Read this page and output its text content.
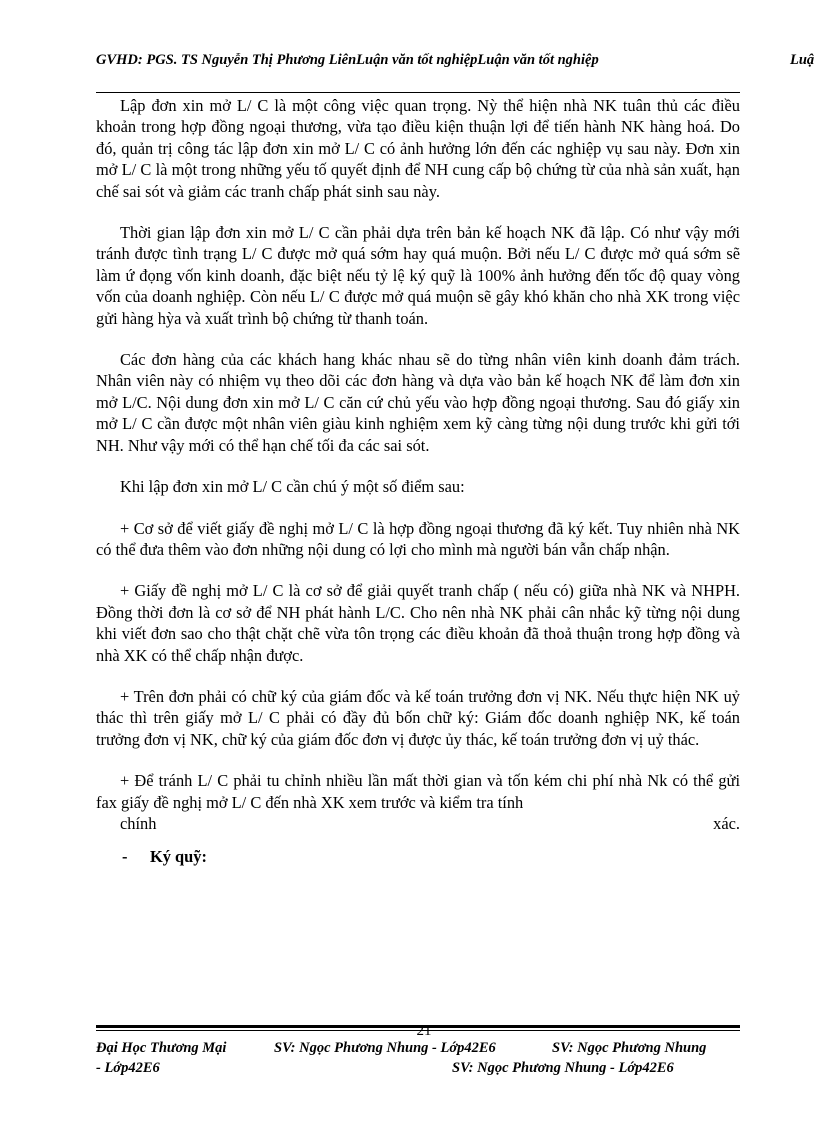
GVHD: PGS. TS Nguyễn Thị Phương LiênLuận văn tốt nghiệpLuận văn tốt nghiệp	Luậ

Lập đơn xin mở L/ C là một công việc quan trọng. Nỳ thể hiện nhà NK tuân thủ các điều khoản trong hợp đồng ngoại thương, vừa tạo điều kiện thuận lợi để tiến hành NK hàng hoá. Do đó, quản trị công tác lập đơn xin mở L/ C có ảnh hưởng lớn đến các nghiệp vụ sau này. Đơn xin mở L/ C là một trong những yếu tố quyết định để NH cung cấp bộ chứng từ của nhà sản xuất, hạn chế sai sót và giảm các tranh chấp phát sinh sau này.

Thời gian lập đơn xin mở L/ C cần phải dựa trên bản kế hoạch NK đã lập. Có như vậy mới tránh được tình trạng L/ C được mở quá sớm hay quá muộn. Bởi nếu L/ C được mở quá sớm sẽ làm ứ đọng vốn kinh doanh, đặc biệt nếu tỷ lệ ký quỹ là 100% ảnh hưởng đến tốc độ quay vòng vốn của doanh nghiệp. Còn nếu L/ C được mở quá muộn sẽ gây khó khăn cho nhà XK trong việc gửi hàng hỳa và xuất trình bộ chứng từ thanh toán.

Các đơn hàng của các khách hang khác nhau sẽ do từng nhân viên kinh doanh đảm trách. Nhân viên này có nhiệm vụ theo dõi các đơn hàng và dựa vào bản kế hoạch NK để làm đơn xin mở L/C. Nội dung đơn xin mở L/ C căn cứ chủ yếu vào hợp đồng ngoại thương. Sau đó giấy xin mở L/ C cần được một nhân viên giàu kinh nghiệm xem kỹ càng từng nội dung trước khi gửi tới NH. Như vậy mới có thể hạn chế tối đa các sai sót.

Khi lập đơn xin mở L/ C cần chú ý một số điểm sau:

+ Cơ sở để viết giấy đề nghị mở L/ C là hợp đồng ngoại thương đã ký kết. Tuy nhiên nhà NK có thể đưa thêm vào đơn những nội dung có lợi cho mình mà người bán vẫn chấp nhận.

+ Giấy đề nghị mở L/ C là cơ sở để giải quyết tranh chấp ( nếu có) giữa nhà NK và NHPH. Đồng thời đơn là cơ sở để NH phát hành L/C. Cho nên nhà NK phải cân nhắc kỹ từng nội dung khi viết đơn sao cho thật chặt chẽ vừa tôn trọng các điều khoản đã thoả thuận trong hợp đồng và nhà XK có thể chấp nhận được.

+ Trên đơn phải có chữ ký của giám đốc và kế toán trưởng đơn vị NK. Nếu thực hiện NK uỷ thác thì trên giấy mở L/ C phải có đầy đủ bốn chữ ký: Giám đốc doanh nghiệp NK, kế toán trưởng đơn vị NK, chữ ký của giám đốc đơn vị được ủy thác, kế toán trưởng đơn vị uỷ thác.

+ Để tránh L/ C phải tu chỉnh nhiều lần mất thời gian và tốn kém chi phí nhà Nk có thể gửi fax giấy đề nghị mở L/ C đến nhà XK xem trước và kiểm tra tính

chính	xác.

- Ký quỹ:
21
Đại Học Thương Mại	SV: Ngọc Phương Nhung - Lớp42E6	SV: Ngọc Phương Nhung
- Lớp42E6	SV: Ngọc Phương Nhung - Lớp42E6
